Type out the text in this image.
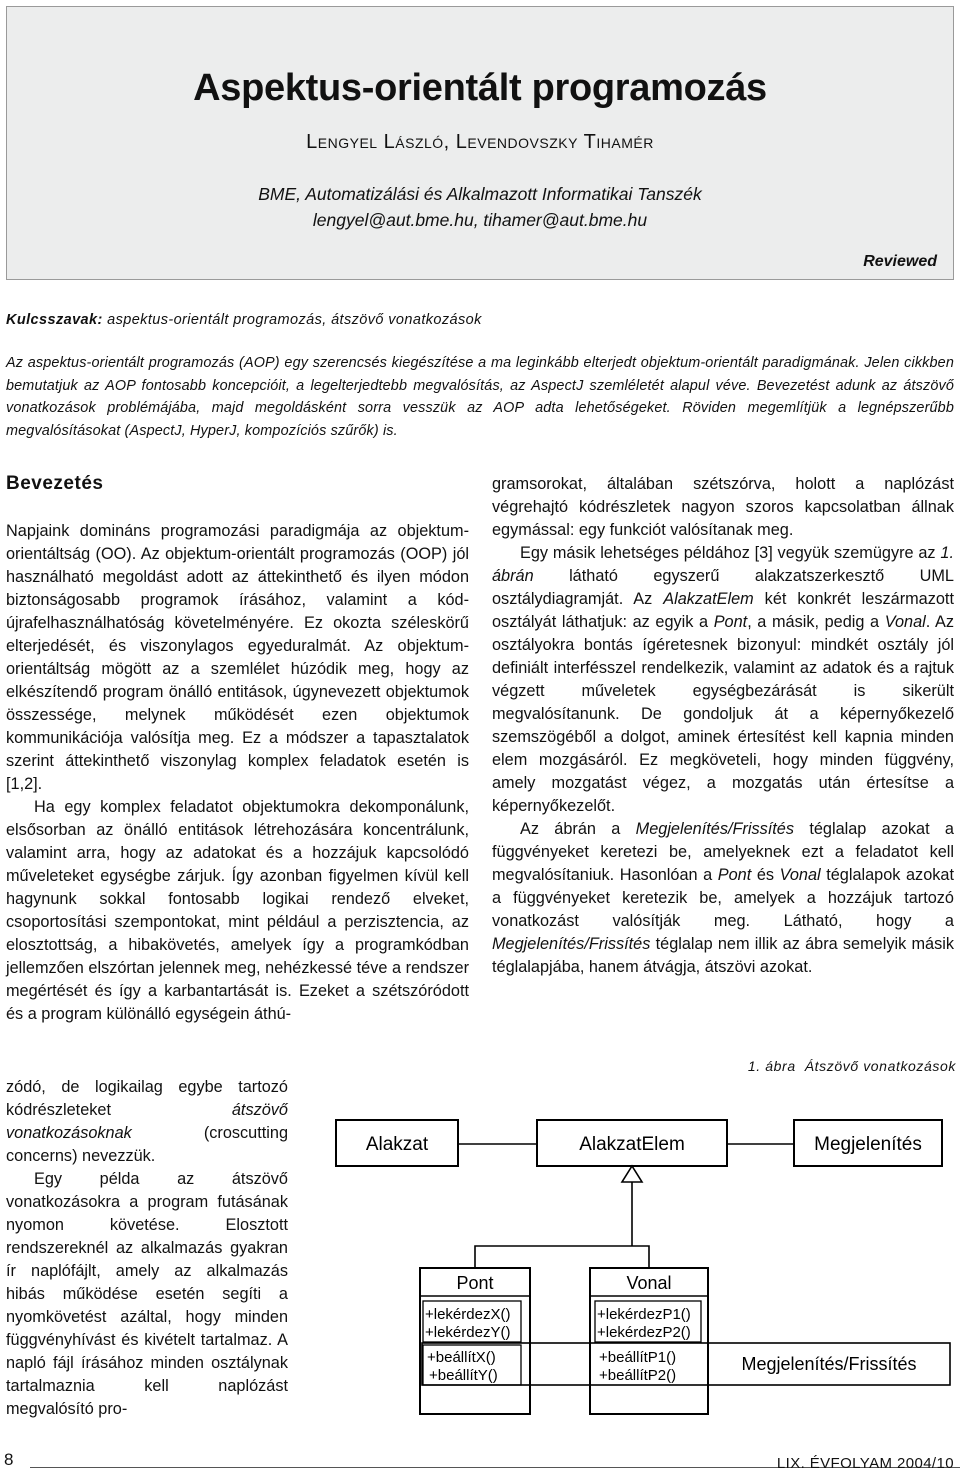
Aspektus-orientált programozás
Lengyel László, Levendovszky Tihamér
BME, Automatizálási és Alkalmazott Informatikai Tanszék
lengyel@aut.bme.hu, tihamer@aut.bme.hu
Reviewed
Kulcsszavak: aspektus-orientált programozás, átszövő vonatkozások
Az aspektus-orientált programozás (AOP) egy szerencsés kiegészítése a ma leginkább elterjedt objektum-orientált paradigmának. Jelen cikkben bemutatjuk az AOP fontosabb koncepcióit, a legelterjedtebb megvalósítás, az AspectJ szemléletét alapul véve. Bevezetést adunk az átszövő vonatkozások problémájába, majd megoldásként sorra vesszük az AOP adta lehetőségeket. Röviden megemlítjük a legnépszerűbb megvalósításokat (AspectJ, HyperJ, kompozíciós szűrők) is.
Bevezetés

Napjaink domináns programozási paradigmája az objektum-orientáltság (OO). Az objektum-orientált programozás (OOP) jól használható megoldást adott az áttekinthető és ilyen módon biztonságosabb programok írásához, valamint a kód-újrafelhasználhatóság követelményére. Ez okozta széleskörű elterjedését, és viszonylagos egyeduralmát. Az objektum-orientáltság mögött az a szemlélet húzódik meg, hogy az elkészítendő program önálló entitások, úgynevezett objektumok összessége, melynek működését ezen objektumok kommunikációja valósítja meg. Ez a módszer a tapasztalatok szerint áttekinthető viszonylag komplex feladatok esetén is [1,2].

Ha egy komplex feladatot objektumokra dekomponálunk, elsősorban az önálló entitások létrehozására koncentrálunk, valamint arra, hogy az adatokat és a hozzájuk kapcsolódó műveleteket egységbe zárjuk. Így azonban figyelmen kívül kell hagynunk sokkal fontosabb logikai rendező elveket, csoportosítási szempontokat, mint például a perzisztencia, az elosztottság, a hibakövetés, amelyek így a programkódban jellemzően elszórtan jelennek meg, nehézkessé téve a rendszer megértését és így a karbantartását is. Ezeket a szétszóródott és a program különálló egységein áthú-

zódó, de logikailag egybe tartozó kódrészleteket	átszövő vonatkozásoknak	(croscutting concerns) nevezzük.

Egy példa az átszövő vonatkozásokra a program futásának nyomon követése. Elosztott rendszereknél az alkalmazás gyakran ír naplófájlt, amely az alkalmazás hibás működése esetén segíti a nyomkövetést azáltal, hogy minden függvényhívást és kivételt tartalmaz. A napló fájl írásához minden osztálynak tartalmaznia kell naplózást megvalósító pro-

gramsorokat, általában szétszórva, holott a naplózást végrehajtó kódrészletek nagyon szoros kapcsolatban állnak egymással: egy funkciót valósítanak meg.

Egy másik lehetséges példához [3] vegyük szemügyre az 1. ábrán látható egyszerű alakzatszerkesztő UML osztálydiagramját. Az AlakzatElem két konkrét leszármazott osztályát láthatjuk: az egyik a Pont, a másik, pedig a Vonal. Az osztályokra bontás ígéretesnek bizonyul: mindkét osztály jól definiált interfésszel rendelkezik, valamint az adatok és a rajtuk végzett műveletek egységbezárását is sikerült megvalósítanunk. De gondoljuk át a képernyőkezelő szemszögéből a dolgot, aminek értesítést kell kapnia minden elem mozgásáról. Ez megköveteli, hogy minden függvény, amely mozgatást végez, a mozgatás után értesítse a képernyőkezelőt.

Az ábrán a Megjelenítés/Frissítés téglalap azokat a függvényeket keretezi be, amelyeknek ezt a feladatot kell megvalósítaniuk. Hasonlóan a Pont és Vonal téglalapok azokat a függvényeket keretezik be, amelyek a hozzájuk tartozó vonatkozást valósítják meg. Látható, hogy a Megjelenítés/Frissítés téglalap nem illik az ábra semelyik másik téglalapjába, hanem átvágja, átszövi azokat.

1. ábra Átszövő vonatkozások
Alakzat	AlakzatElem	Megjelenítés
Pont
+lekérdezX()
+lekérdezY()
+beállítX()
+beállítY()
Vonal
+lekérdezP1()
+lekérdezP2()
+beállítP1()
+beállítP2()
Megjelenítés/Frissítés
8	LIX. ÉVFOLYAM 2004/10
